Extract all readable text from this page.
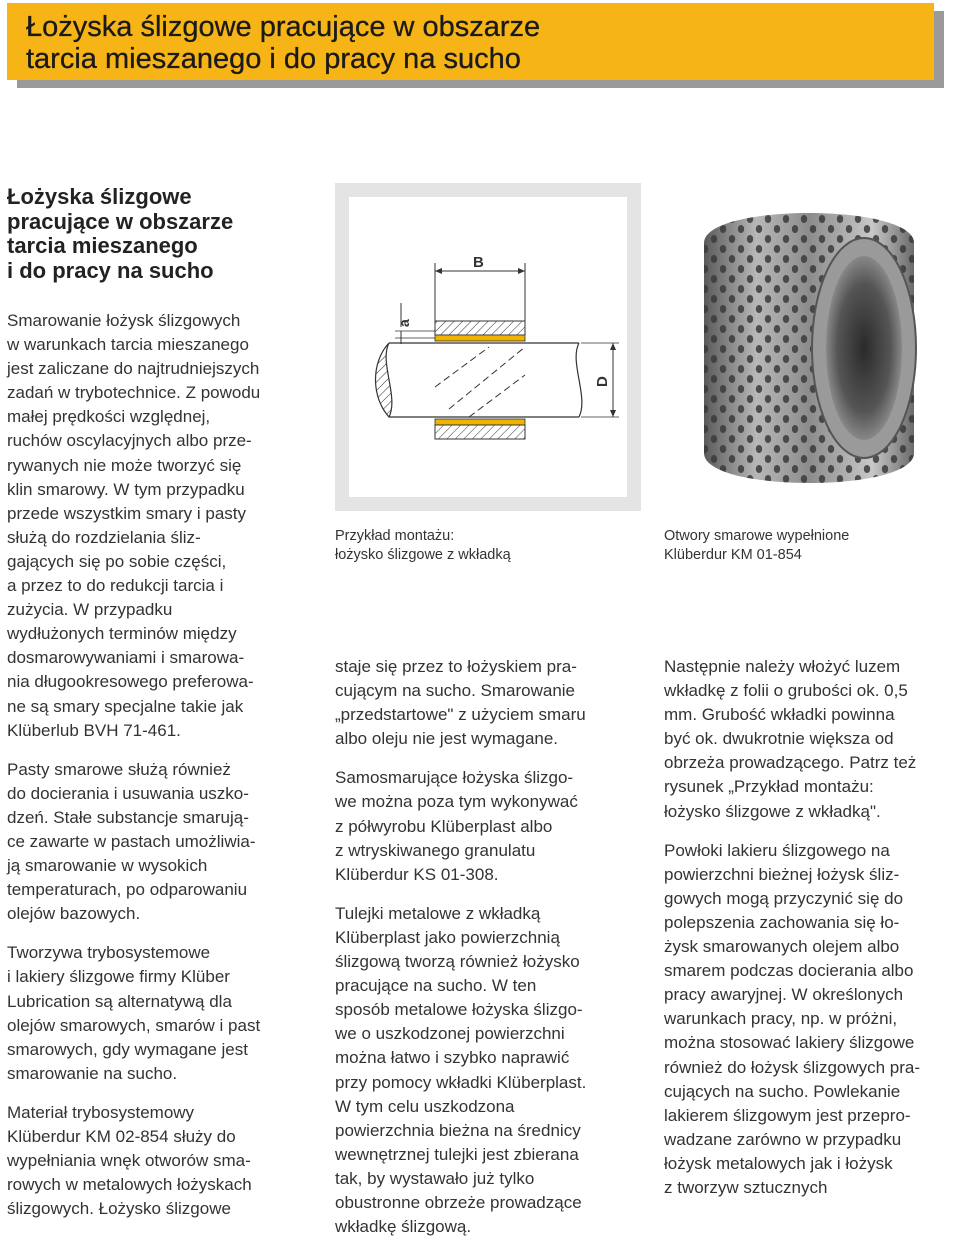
Łożyska ślizgowe pracujące w obszarze
tarcia mieszanego i do pracy na sucho
Łożyska ślizgowe
pracujące w obszarze
tarcia mieszanego
i do pracy na sucho

Smarowanie łożysk ślizgowych
w warunkach tarcia mieszanego
jest zaliczane do najtrudniejszych
zadań w trybotechnice. Z powodu
małej prędkości względnej,
ruchów oscylacyjnych albo prze-
rywanych nie może tworzyć się
klin smarowy. W tym przypadku
przede wszystkim smary i pasty
służą do rozdzielania śliz-
gających się po sobie części,
a przez to do redukcji tarcia i
zużycia. W przypadku
wydłużonych terminów między
dosmarowywaniami i smarowa-
nia długookresowego preferowa-
ne są smary specjalne takie jak
Klüberlub BVH 71-461.

Pasty smarowe służą również
do docierania i usuwania uszko-
dzeń. Stałe substancje smarują-
ce zawarte w pastach umożliwia-
ją smarowanie w wysokich
temperaturach, po odparowaniu
olejów bazowych.

Tworzywa trybosystemowe
i lakiery ślizgowe firmy Klüber
Lubrication są alternatywą dla
olejów smarowych, smarów i past
smarowych, gdy wymagane jest
smarowanie na sucho.

Materiał trybosystemowy
Klüberdur KM 02-854 służy do
wypełniania wnęk otworów sma-
rowych w metalowych łożyskach
ślizgowych. Łożysko ślizgowe

staje się przez to łożyskiem pra-
cującym na sucho. Smarowanie
„przedstartowe" z użyciem smaru
albo oleju nie jest wymagane.

Samosmarujące łożyska ślizgo-
we można poza tym wykonywać
z półwyrobu Klüberplast albo
z wtryskiwanego granulatu
Klüberdur KS 01-308.

Tulejki metalowe z wkładką
Klüberplast jako powierzchnią
ślizgową tworzą również łożysko
pracujące na sucho. W ten
sposób metalowe łożyska ślizgo-
we o uszkodzonej powierzchni
można łatwo i szybko naprawić
przy pomocy wkładki Klüberplast.
W tym celu uszkodzona
powierzchnia bieżna na średnicy
wewnętrznej tulejki jest zbierana
tak, by wystawało już tylko
obustronne obrzeże prowadzące
wkładkę ślizgową.

Następnie należy włożyć luzem
wkładkę z folii o grubości ok. 0,5
mm. Grubość wkładki powinna
być ok. dwukrotnie większa od
obrzeża prowadzącego. Patrz też
rysunek „Przykład montażu:
łożysko ślizgowe z wkładką".

Powłoki lakieru ślizgowego na
powierzchni bieżnej łożysk śliz-
gowych mogą przyczynić się do
polepszenia zachowania się ło-
żysk smarowanych olejem albo
smarem podczas docierania albo
pracy awaryjnej. W określonych
warunkach pracy, np. w próżni,
można stosować lakiery ślizgowe
również do łożysk ślizgowych pra-
cujących na sucho. Powlekanie
lakierem ślizgowym jest przepro-
wadzane zarówno w przypadku
łożysk metalowych jak i łożysk
z tworzyw sztucznych

B
a
D
Przykład montażu:
łożysko ślizgowe z wkładką
Otwory smarowe wypełnione
Klüberdur KM 01-854
